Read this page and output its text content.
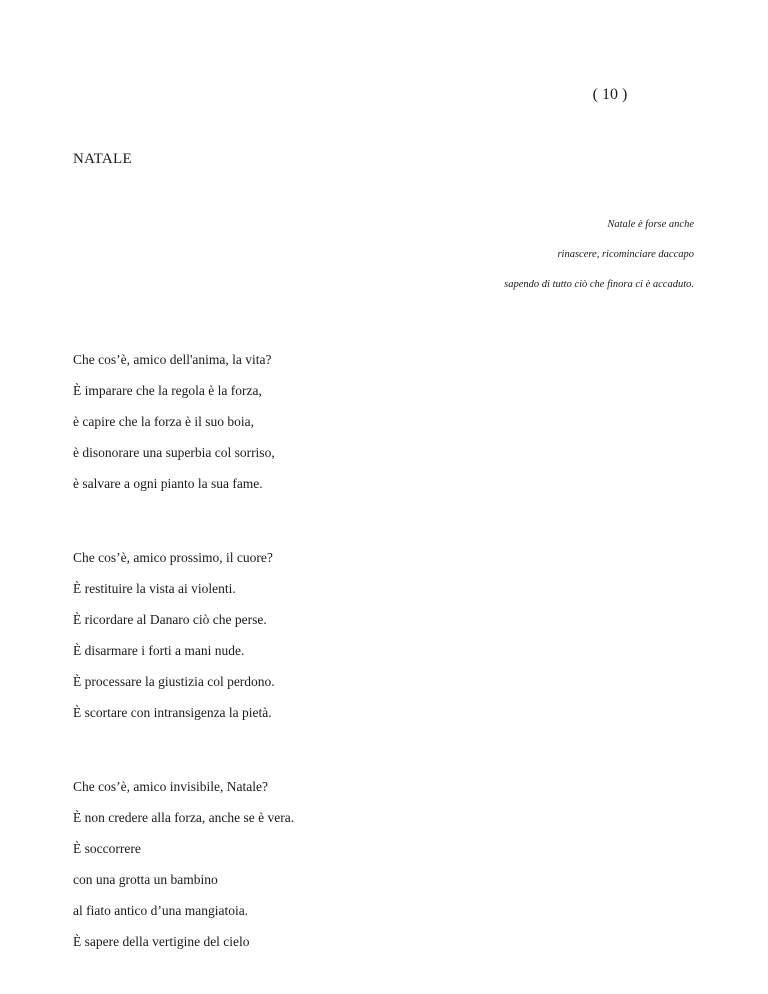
( 10 )
NATALE
Natale è forse anche
rinascere, ricominciare daccapo
sapendo di tutto ciò che finora ci è accaduto.
Che cos’è, amico dell'anima, la vita?
È imparare che la regola è la forza,
è capire che la forza è il suo boia,
è disonorare una superbia col sorriso,
è salvare a ogni pianto la sua fame.
Che cos’è, amico prossimo, il cuore?
È restituire la vista ai violenti.
È ricordare al Danaro ciò che perse.
È disarmare i forti a mani nude.
È processare la giustizia col perdono.
È scortare con intransigenza la pietà.
Che cos’è, amico invisibile, Natale?
È non credere alla forza, anche se è vera.
È soccorrere
con una grotta un bambino
al fiato antico d’una mangiatoia.
È sapere della vertigine del cielo
